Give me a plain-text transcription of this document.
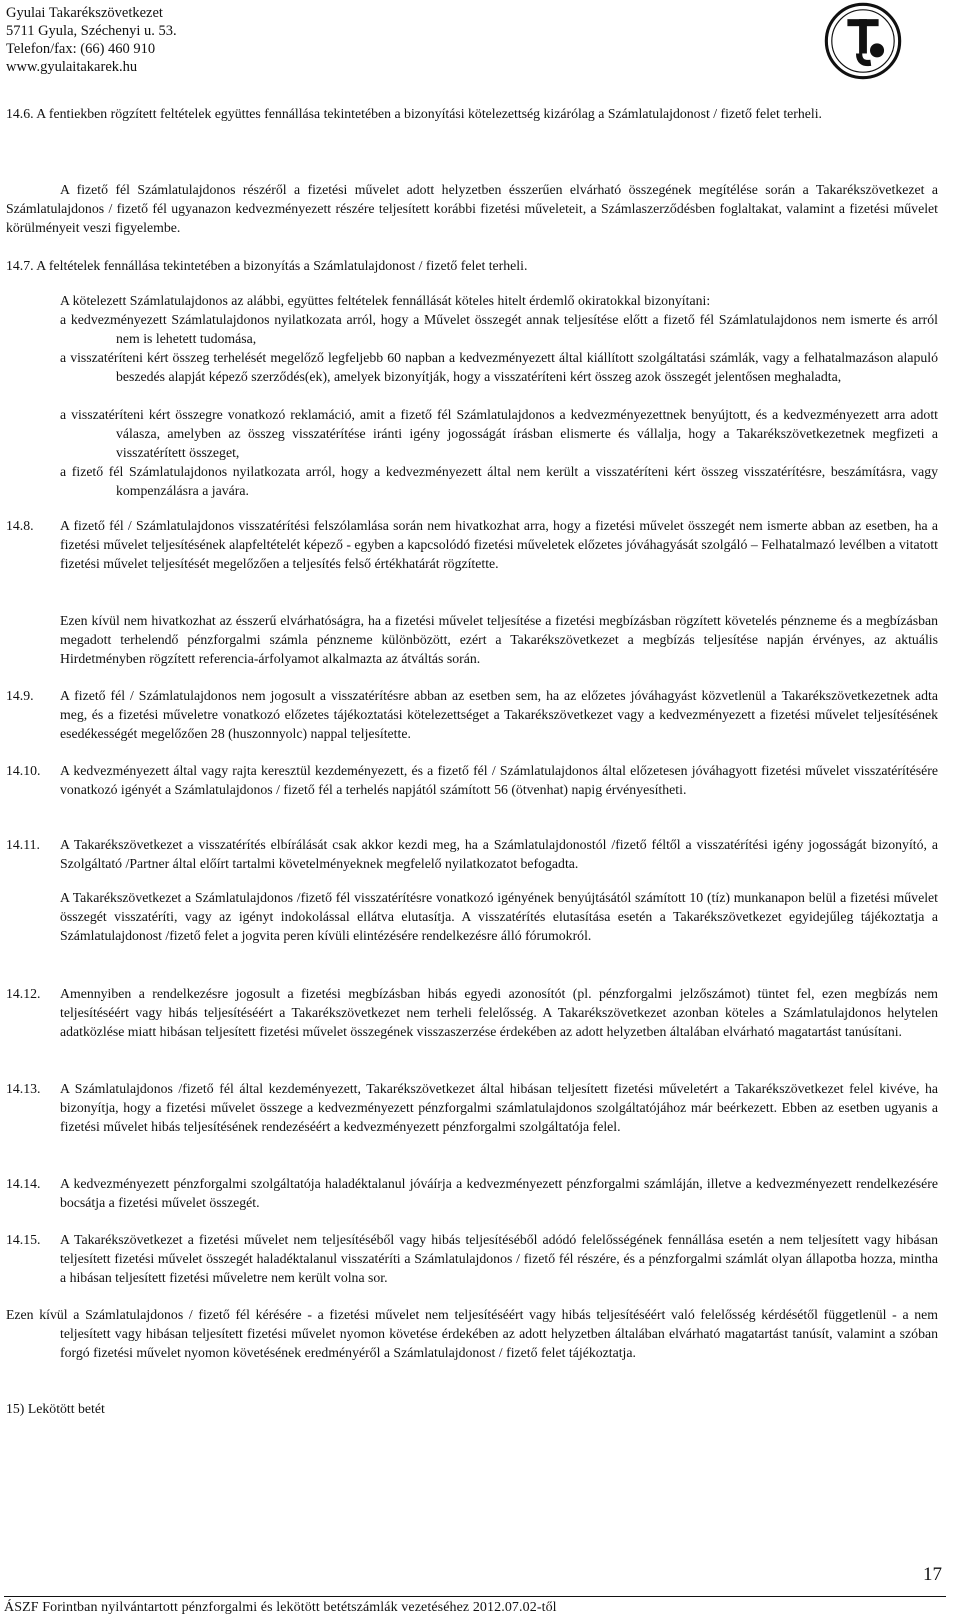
Gyulai Takarékszövetkezet
5711 Gyula, Széchenyi u. 53.
Telefon/fax: (66) 460 910
www.gyulaitakarek.hu

14.6. A fentiekben rögzített feltételek együttes fennállása tekintetében a bizonyítási kötelezettség kizárólag a Számlatulajdonost / fizető felet terheli.

A fizető fél Számlatulajdonos részéről a fizetési művelet adott helyzetben ésszerűen elvárható összegének megítélése során a Takarékszövetkezet a Számlatulajdonos / fizető fél ugyanazon kedvezményezett részére teljesített korábbi fizetési műveleteit, a Számlaszerződésben foglaltakat, valamint a fizetési művelet körülményeit veszi figyelembe.

14.7. A feltételek fennállása tekintetében a bizonyítás a Számlatulajdonost / fizető felet terheli.

A kötelezett Számlatulajdonos az alábbi, együttes feltételek fennállását köteles hitelt érdemlő okiratokkal bizonyítani:

a kedvezményezett Számlatulajdonos nyilatkozata arról, hogy a Művelet összegét annak teljesítése előtt a fizető fél Számlatulajdonos nem ismerte és arról nem is lehetett tudomása,

a visszatéríteni kért összeg terhelését megelőző legfeljebb 60 napban a kedvezményezett által kiállított szolgáltatási számlák, vagy a felhatalmazáson alapuló beszedés alapját képező szerződés(ek), amelyek bizonyítják, hogy a visszatéríteni kért összeg azok összegét jelentősen meghaladta,

a visszatéríteni kért összegre vonatkozó reklamáció, amit a fizető fél Számlatulajdonos a kedvezményezettnek benyújtott, és a kedvezményezett arra adott válasza, amelyben az összeg visszatérítése iránti igény jogosságát írásban elismerte és vállalja, hogy a Takarékszövetkezetnek megfizeti a visszatérített összeget,

a fizető fél Számlatulajdonos nyilatkozata arról, hogy a kedvezményezett által nem került a visszatéríteni kért összeg visszatérítésre, beszámításra, vagy kompenzálásra a javára.

14.8. A fizető fél / Számlatulajdonos visszatérítési felszólamlása során nem hivatkozhat arra, hogy a fizetési művelet összegét nem ismerte abban az esetben, ha a fizetési művelet teljesítésének alapfeltételét képező - egyben a kapcsolódó fizetési műveletek előzetes jóváhagyását szolgáló – Felhatalmazó levélben a vitatott fizetési művelet teljesítését megelőzően a teljesítés felső értékhatárát rögzítette.

Ezen kívül nem hivatkozhat az ésszerű elvárhatóságra, ha a fizetési művelet teljesítése a fizetési megbízásban rögzített követelés pénzneme és a megbízásban megadott terhelendő pénzforgalmi számla pénzneme különbözött, ezért a Takarékszövetkezet a megbízás teljesítése napján érvényes, az aktuális Hirdetményben rögzített referencia-árfolyamot alkalmazta az átváltás során.

14.9. A fizető fél / Számlatulajdonos nem jogosult a visszatérítésre abban az esetben sem, ha az előzetes jóváhagyást közvetlenül a Takarékszövetkezetnek adta meg, és a fizetési műveletre vonatkozó előzetes tájékoztatási kötelezettséget a Takarékszövetkezet vagy a kedvezményezett a fizetési művelet teljesítésének esedékességét megelőzően 28 (huszonnyolc) nappal teljesítette.

14.10. A kedvezményezett által vagy rajta keresztül kezdeményezett, és a fizető fél / Számlatulajdonos által előzetesen jóváhagyott fizetési művelet visszatérítésére vonatkozó igényét a Számlatulajdonos / fizető fél a terhelés napjától számított 56 (ötvenhat) napig érvényesítheti.

14.11. A Takarékszövetkezet a visszatérítés elbírálását csak akkor kezdi meg, ha a Számlatulajdonostól /fizető féltől a visszatérítési igény jogosságát bizonyító, a Szolgáltató /Partner által előírt tartalmi követelményeknek megfelelő nyilatkozatot befogadta.

A Takarékszövetkezet a Számlatulajdonos /fizető fél visszatérítésre vonatkozó igényének benyújtásától számított 10 (tíz) munkanapon belül a fizetési művelet összegét visszatéríti, vagy az igényt indokolással ellátva elutasítja. A visszatérítés elutasítása esetén a Takarékszövetkezet egyidejűleg tájékoztatja a Számlatulajdonost /fizető felet a jogvita peren kívüli elintézésére rendelkezésre álló fórumokról.

14.12. Amennyiben a rendelkezésre jogosult a fizetési megbízásban hibás egyedi azonosítót (pl. pénzforgalmi jelzőszámot) tüntet fel, ezen megbízás nem teljesítéséért vagy hibás teljesítéséért a Takarékszövetkezet nem terheli felelősség. A Takarékszövetkezet azonban köteles a Számlatulajdonos helytelen adatközlése miatt hibásan teljesített fizetési művelet összegének visszaszerzése érdekében az adott helyzetben általában elvárható magatartást tanúsítani.

14.13. A Számlatulajdonos /fizető fél által kezdeményezett, Takarékszövetkezet által hibásan teljesített fizetési műveletért a Takarékszövetkezet felel kivéve, ha bizonyítja, hogy a fizetési művelet összege a kedvezményezett pénzforgalmi számlatulajdonos szolgáltatójához már beérkezett. Ebben az esetben ugyanis a fizetési művelet hibás teljesítésének rendezéséért a kedvezményezett pénzforgalmi szolgáltatója felel.

14.14. A kedvezményezett pénzforgalmi szolgáltatója haladéktalanul jóváírja a kedvezményezett pénzforgalmi számláján, illetve a kedvezményezett rendelkezésére bocsátja a fizetési művelet összegét.

14.15. A Takarékszövetkezet a fizetési művelet nem teljesítéséből vagy hibás teljesítéséből adódó felelősségének fennállása esetén a nem teljesített vagy hibásan teljesített fizetési művelet összegét haladéktalanul visszatéríti a Számlatulajdonos / fizető fél részére, és a pénzforgalmi számlát olyan állapotba hozza, mintha a hibásan teljesített fizetési műveletre nem került volna sor.

Ezen kívül a Számlatulajdonos / fizető fél kérésére - a fizetési művelet nem teljesítéséért vagy hibás teljesítéséért való felelősség kérdésétől függetlenül - a nem teljesített vagy hibásan teljesített fizetési művelet nyomon követése érdekében az adott helyzetben általában elvárható magatartást tanúsít, valamint a szóban forgó fizetési művelet nyomon követésének eredményéről a Számlatulajdonost / fizető felet tájékoztatja.

15) Lekötött betét

17
ÁSZF Forintban nyilvántartott pénzforgalmi és lekötött betétszámlák vezetéséhez 2012.07.02-től
